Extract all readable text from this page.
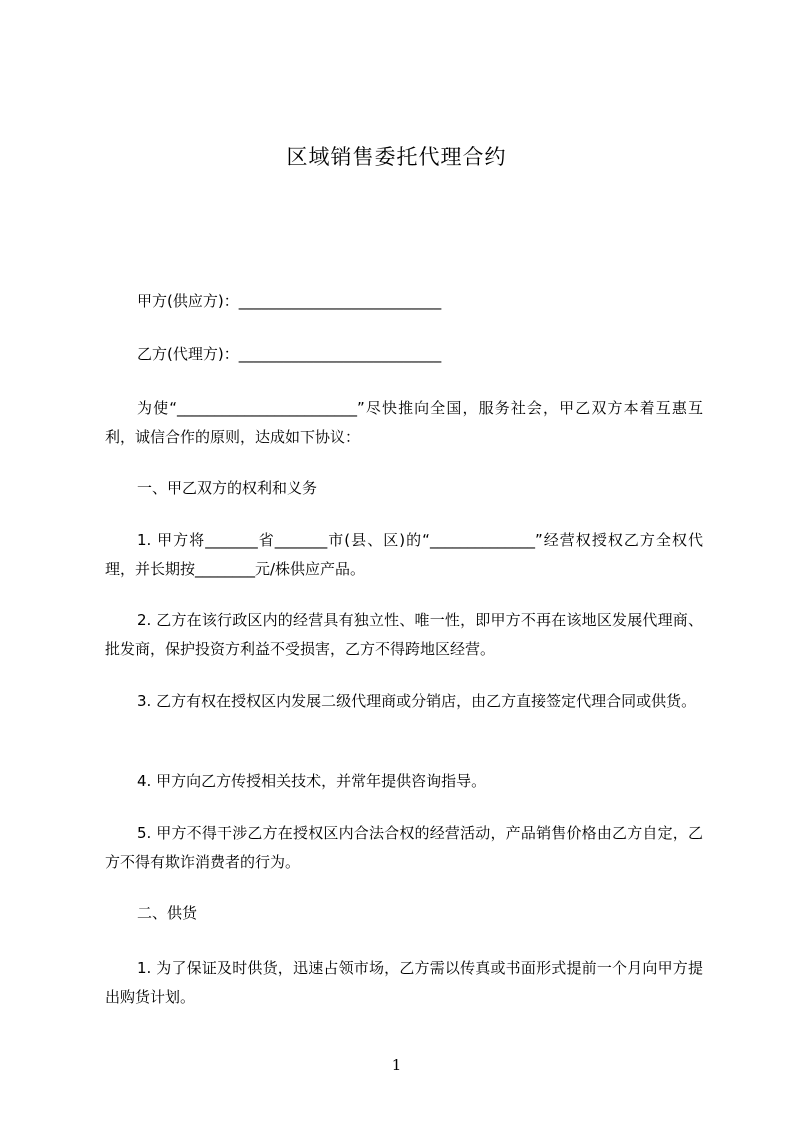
区域销售委托代理合约
甲方(供应方)：___________________________
乙方(代理方)：___________________________
为使“________________________”尽快推向全国，服务社会，甲乙双方本着互惠互利，诚信合作的原则，达成如下协议：
一、甲乙双方的权利和义务
1. 甲方将_______省_______市(县、区)的“______________”经营权授权乙方全权代理，并长期按________元/株供应产品。
2. 乙方在该行政区内的经营具有独立性、唯一性，即甲方不再在该地区发展代理商、批发商，保护投资方利益不受损害，乙方不得跨地区经营。
3. 乙方有权在授权区内发展二级代理商或分销店，由乙方直接签定代理合同或供货。
4. 甲方向乙方传授相关技术，并常年提供咨询指导。
5. 甲方不得干涉乙方在授权区内合法合权的经营活动，产品销售价格由乙方自定，乙方不得有欺诈消费者的行为。
二、供货
1. 为了保证及时供货，迅速占领市场，乙方需以传真或书面形式提前一个月向甲方提出购货计划。
1
